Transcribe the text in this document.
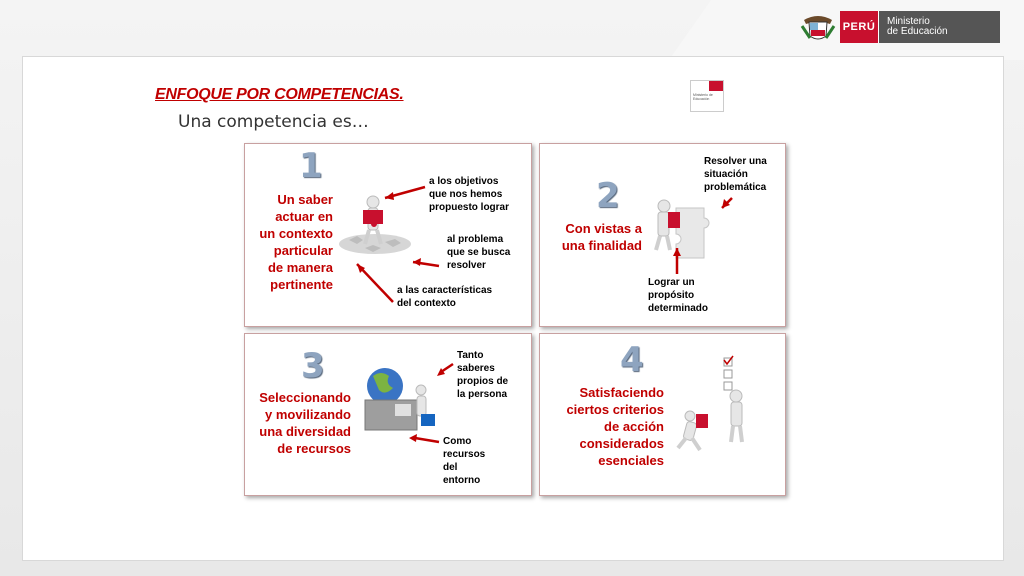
PERÚ Ministerio
de Educación
ENFOQUE POR COMPETENCIAS.
Una competencia es…
Ministerio de
Educación
1
Un saber actuar en un contexto particular de manera pertinente
a los objetivos que nos hemos propuesto lograr
al problema que se busca resolver
a las características del contexto
2
Con vistas a una finalidad
Resolver una situación problemática
Lograr un propósito determinado
3
Seleccionando y movilizando una diversidad de recursos
Tanto saberes propios de la persona
Como recursos del entorno
4
Satisfaciendo ciertos criterios de acción considerados esenciales
